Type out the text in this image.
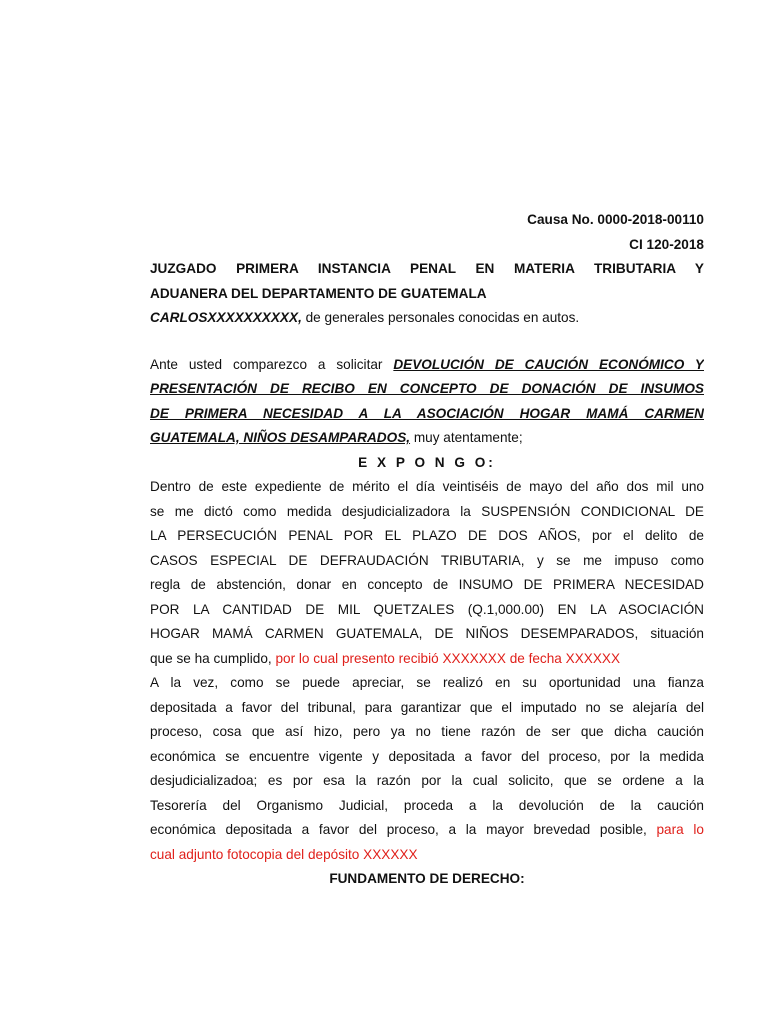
Causa No. 0000-2018-00110
CI 120-2018
JUZGADO PRIMERA INSTANCIA PENAL EN MATERIA TRIBUTARIA Y
ADUANERA DEL DEPARTAMENTO DE GUATEMALA
CARLOSXXXXXXXXXX, de generales personales conocidas en autos.
Ante usted comparezco a solicitar DEVOLUCIÓN DE CAUCIÓN ECONÓMICO Y
PRESENTACIÓN DE RECIBO EN CONCEPTO DE DONACIÓN DE INSUMOS
DE PRIMERA NECESIDAD A LA ASOCIACIÓN HOGAR MAMÁ CARMEN
GUATEMALA, NIÑOS DESAMPARADOS, muy atentamente;
E X P O N G O:
Dentro de este expediente de mérito el día veintiséis de mayo del año dos mil uno
se me dictó como medida desjudicializadora la SUSPENSIÓN CONDICIONAL DE
LA PERSECUCIÓN PENAL POR EL PLAZO DE DOS AÑOS, por el delito de
CASOS ESPECIAL DE DEFRAUDACIÓN TRIBUTARIA, y se me impuso como
regla de abstención, donar en concepto de INSUMO DE PRIMERA NECESIDAD
POR LA CANTIDAD DE MIL QUETZALES (Q.1,000.00) EN LA ASOCIACIÓN
HOGAR MAMÁ CARMEN GUATEMALA, DE NIÑOS DESEMPARADOS, situación
que se ha cumplido, por lo cual presento recibió XXXXXXX de fecha XXXXXX
A la vez, como se puede apreciar, se realizó en su oportunidad una fianza
depositada a favor del tribunal, para garantizar que el imputado no se alejaría del
proceso, cosa que así hizo, pero ya no tiene razón de ser que dicha caución
económica se encuentre vigente y depositada a favor del proceso, por la medida
desjudicializadoa; es por esa la razón por la cual solicito, que se ordene a la
Tesorería del Organismo Judicial, proceda a la devolución de la caución
económica depositada a favor del proceso, a la mayor brevedad posible, para lo
cual adjunto fotocopia del depósito XXXXXX
FUNDAMENTO DE DERECHO:
